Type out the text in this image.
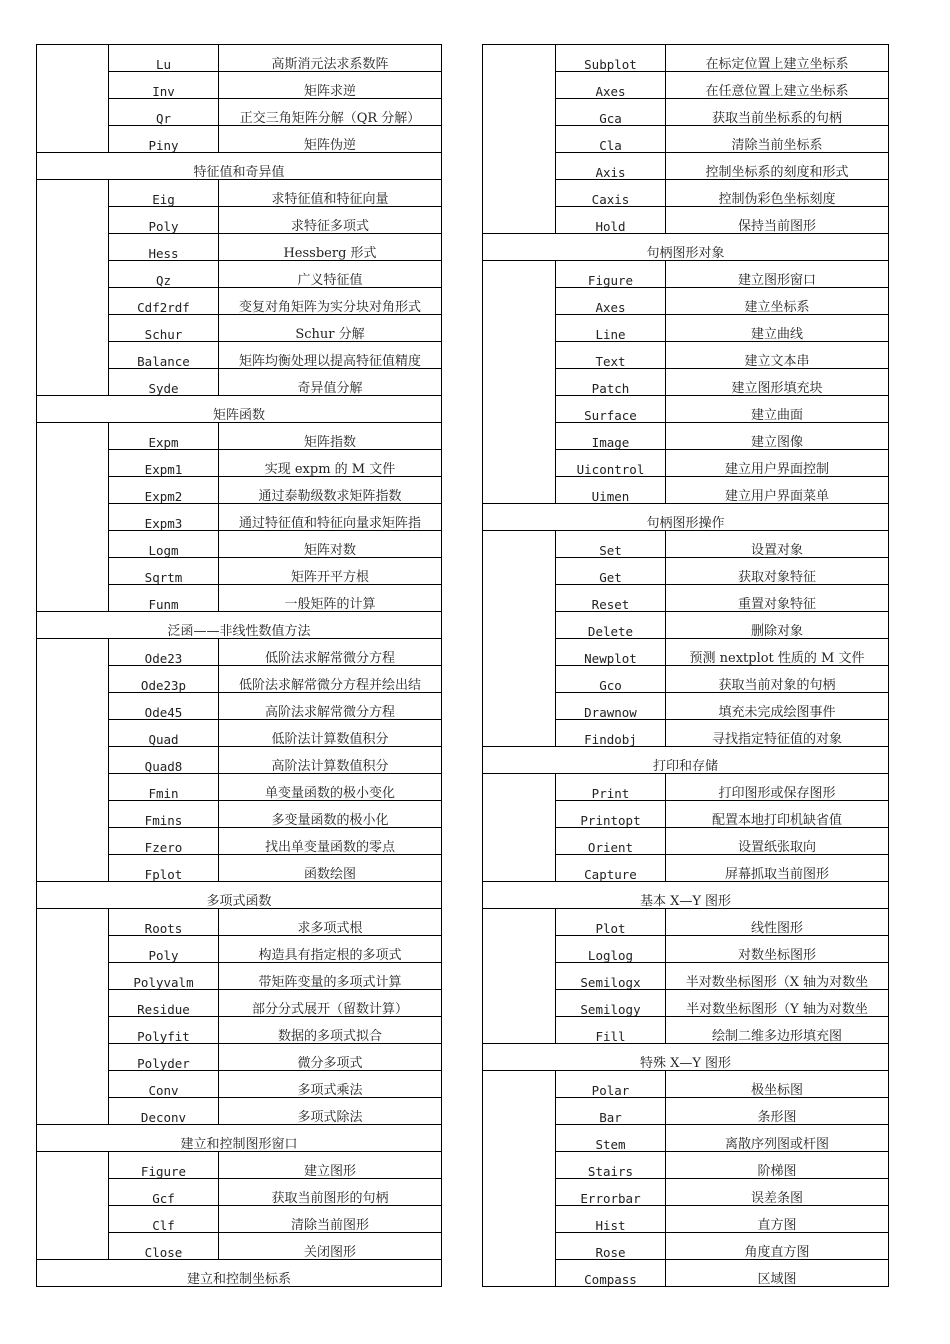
	Lu	高斯消元法求系数阵
	Inv	矩阵求逆
	Qr	正交三角矩阵分解（QR 分解）
	Piny	矩阵伪逆
特征值和奇异值		
	Eig	求特征值和特征向量
	Poly	求特征多项式
	Hess	Hessberg 形式
	Qz	广义特征值
	Cdf2rdf	变复对角矩阵为实分块对角形式
	Schur	Schur 分解
	Balance	矩阵均衡处理以提高特征值精度
	Syde	奇异值分解
矩阵函数		
	Expm	矩阵指数
	Expm1	实现 expm 的 M 文件
	Expm2	通过泰勒级数求矩阵指数
	Expm3	通过特征值和特征向量求矩阵指
	Logm	矩阵对数
	Sqrtm	矩阵开平方根
	Funm	一般矩阵的计算
泛函——非线性数值方法		
	Ode23	低阶法求解常微分方程
	Ode23p	低阶法求解常微分方程并绘出结
	Ode45	高阶法求解常微分方程
	Quad	低阶法计算数值积分
	Quad8	高阶法计算数值积分
	Fmin	单变量函数的极小变化
	Fmins	多变量函数的极小化
	Fzero	找出单变量函数的零点
	Fplot	函数绘图
多项式函数		
	Roots	求多项式根
	Poly	构造具有指定根的多项式
	Polyvalm	带矩阵变量的多项式计算
	Residue	部分分式展开（留数计算）
	Polyfit	数据的多项式拟合
	Polyder	微分多项式
	Conv	多项式乘法
	Deconv	多项式除法
建立和控制图形窗口		
	Figure	建立图形
	Gcf	获取当前图形的句柄
	Clf	清除当前图形
	Close	关闭图形
建立和控制坐标系		
	Subplot	在标定位置上建立坐标系
	Axes	在任意位置上建立坐标系
	Gca	获取当前坐标系的句柄
	Cla	清除当前坐标系
	Axis	控制坐标系的刻度和形式
	Caxis	控制伪彩色坐标刻度
	Hold	保持当前图形
句柄图形对象		
	Figure	建立图形窗口
	Axes	建立坐标系
	Line	建立曲线
	Text	建立文本串
	Patch	建立图形填充块
	Surface	建立曲面
	Image	建立图像
	Uicontrol	建立用户界面控制
	Uimen	建立用户界面菜单
句柄图形操作		
	Set	设置对象
	Get	获取对象特征
	Reset	重置对象特征
	Delete	删除对象
	Newplot	预测 nextplot 性质的 M 文件
	Gco	获取当前对象的句柄
	Drawnow	填充未完成绘图事件
	Findobj	寻找指定特征值的对象
打印和存储		
	Print	打印图形或保存图形
	Printopt	配置本地打印机缺省值
	Orient	设置纸张取向
	Capture	屏幕抓取当前图形
基本 X—Y 图形		
	Plot	线性图形
	Loglog	对数坐标图形
	Semilogx	半对数坐标图形（X 轴为对数坐
	Semilogy	半对数坐标图形（Y 轴为对数坐
	Fill	绘制二维多边形填充图
特殊 X—Y 图形		
	Polar	极坐标图
	Bar	条形图
	Stem	离散序列图或杆图
	Stairs	阶梯图
	Errorbar	误差条图
	Hist	直方图
	Rose	角度直方图
	Compass	区域图
